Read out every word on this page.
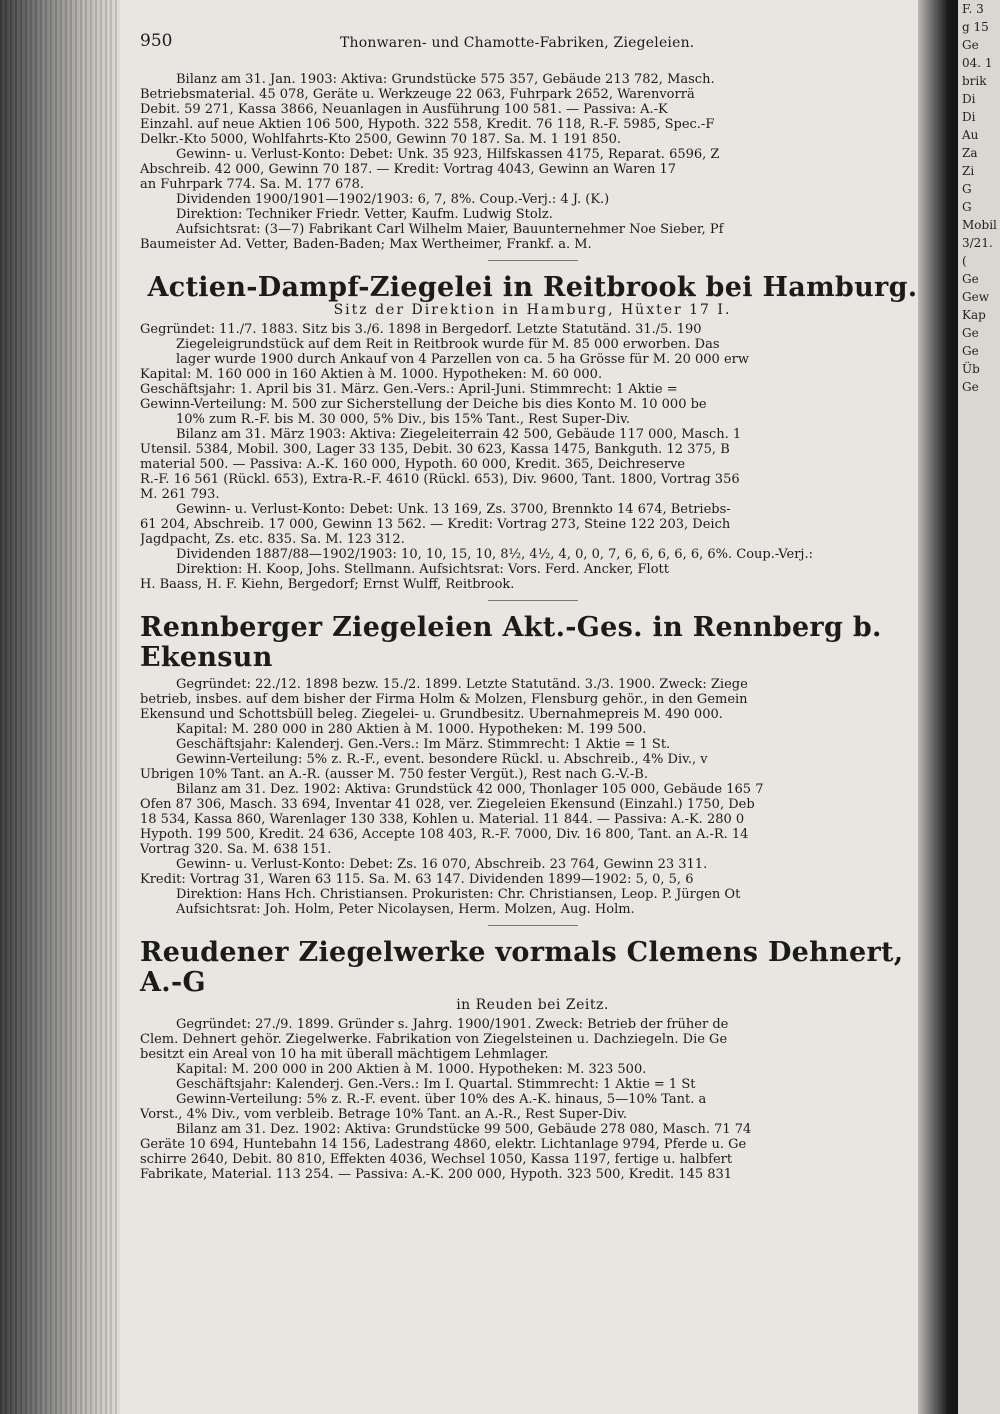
F. 3
g 15
Ge
04. 1
brik
Di
Di
Au
Za
Zi
G
G
Mobil
3/21.
(
Ge
Gew
Kap
Ge
Ge
Üb
Ge
950	Thonwaren- und Chamotte-Fabriken, Ziegeleien.
Bilanz am 31. Jan. 1903: Aktiva: Grundstücke 575 357, Gebäude 213 782, Masch.
Betriebsmaterial. 45 078, Geräte u. Werkzeuge 22 063, Fuhrpark 2652, Warenvorrä
Debit. 59 271, Kassa 3866, Neuanlagen in Ausführung 100 581. — Passiva: A.-K
Einzahl. auf neue Aktien 106 500, Hypoth. 322 558, Kredit. 76 118, R.-F. 5985, Spec.-F
Delkr.-Kto 5000, Wohlfahrts-Kto 2500, Gewinn 70 187. Sa. M. 1 191 850.
Gewinn- u. Verlust-Konto: Debet: Unk. 35 923, Hilfskassen 4175, Reparat. 6596, Z
Abschreib. 42 000, Gewinn 70 187. — Kredit: Vortrag 4043, Gewinn an Waren 17
an Fuhrpark 774. Sa. M. 177 678.
Dividenden 1900/1901—1902/1903: 6, 7, 8%. Coup.-Verj.: 4 J. (K.)
Direktion: Techniker Friedr. Vetter, Kaufm. Ludwig Stolz.
Aufsichtsrat: (3—7) Fabrikant Carl Wilhelm Maier, Bauunternehmer Noe Sieber, Pf
Baumeister Ad. Vetter, Baden-Baden; Max Wertheimer, Frankf. a. M.
Actien-Dampf-Ziegelei in Reitbrook bei Hamburg.

Sitz der Direktion in Hamburg, Hüxter 17 I.

Gegründet: 11./7. 1883. Sitz bis 3./6. 1898 in Bergedorf. Letzte Statutänd. 31./5. 190
Ziegeleigrundstück auf dem Reit in Reitbrook wurde für M. 85 000 erworben. Das
lager wurde 1900 durch Ankauf von 4 Parzellen von ca. 5 ha Grösse für M. 20 000 erw
Kapital: M. 160 000 in 160 Aktien à M. 1000. Hypotheken: M. 60 000.
Geschäftsjahr: 1. April bis 31. März. Gen.-Vers.: April-Juni. Stimmrecht: 1 Aktie =
Gewinn-Verteilung: M. 500 zur Sicherstellung der Deiche bis dies Konto M. 10 000 be
10% zum R.-F. bis M. 30 000, 5% Div., bis 15% Tant., Rest Super-Div.
Bilanz am 31. März 1903: Aktiva: Ziegeleiterrain 42 500, Gebäude 117 000, Masch. 1
Utensil. 5384, Mobil. 300, Lager 33 135, Debit. 30 623, Kassa 1475, Bankguth. 12 375, B
material 500. — Passiva: A.-K. 160 000, Hypoth. 60 000, Kredit. 365, Deichreserve
R.-F. 16 561 (Rückl. 653), Extra-R.-F. 4610 (Rückl. 653), Div. 9600, Tant. 1800, Vortrag 356
M. 261 793.
Gewinn- u. Verlust-Konto: Debet: Unk. 13 169, Zs. 3700, Brennkto 14 674, Betriebs-
61 204, Abschreib. 17 000, Gewinn 13 562. — Kredit: Vortrag 273, Steine 122 203, Deich
Jagdpacht, Zs. etc. 835. Sa. M. 123 312.
Dividenden 1887/88—1902/1903: 10, 10, 15, 10, 8½, 4½, 4, 0, 0, 7, 6, 6, 6, 6, 6, 6%. Coup.-Verj.:
Direktion: H. Koop, Johs. Stellmann. Aufsichtsrat: Vors. Ferd. Ancker, Flott
H. Baass, H. F. Kiehn, Bergedorf; Ernst Wulff, Reitbrook.
Rennberger Ziegeleien Akt.-Ges. in Rennberg b. Ekensun
Gegründet: 22./12. 1898 bezw. 15./2. 1899. Letzte Statutänd. 3./3. 1900. Zweck: Ziege
betrieb, insbes. auf dem bisher der Firma Holm & Molzen, Flensburg gehör., in den Gemein
Ekensund und Schottsbüll beleg. Ziegelei- u. Grundbesitz. Übernahmepreis M. 490 000.
Kapital: M. 280 000 in 280 Aktien à M. 1000. Hypotheken: M. 199 500.
Geschäftsjahr: Kalenderj. Gen.-Vers.: Im März. Stimmrecht: 1 Aktie = 1 St.
Gewinn-Verteilung: 5% z. R.-F., event. besondere Rückl. u. Abschreib., 4% Div., v
Übrigen 10% Tant. an A.-R. (ausser M. 750 fester Vergüt.), Rest nach G.-V.-B.
Bilanz am 31. Dez. 1902: Aktiva: Grundstück 42 000, Thonlager 105 000, Gebäude 165 7
Öfen 87 306, Masch. 33 694, Inventar 41 028, ver. Ziegeleien Ekensund (Einzahl.) 1750, Deb
18 534, Kassa 860, Warenlager 130 338, Kohlen u. Material. 11 844. — Passiva: A.-K. 280 0
Hypoth. 199 500, Kredit. 24 636, Accepte 108 403, R.-F. 7000, Div. 16 800, Tant. an A.-R. 14
Vortrag 320. Sa. M. 638 151.
Gewinn- u. Verlust-Konto: Debet: Zs. 16 070, Abschreib. 23 764, Gewinn 23 311.
Kredit: Vortrag 31, Waren 63 115. Sa. M. 63 147. Dividenden 1899—1902: 5, 0, 5, 6
Direktion: Hans Hch. Christiansen. Prokuristen: Chr. Christiansen, Leop. P. Jürgen Ot
Aufsichtsrat: Joh. Holm, Peter Nicolaysen, Herm. Molzen, Aug. Holm.
Reudener Ziegelwerke vormals Clemens Dehnert, A.-G

in Reuden bei Zeitz.

Gegründet: 27./9. 1899. Gründer s. Jahrg. 1900/1901. Zweck: Betrieb der früher de
Clem. Dehnert gehör. Ziegelwerke. Fabrikation von Ziegelsteinen u. Dachziegeln. Die Ge
besitzt ein Areal von 10 ha mit überall mächtigem Lehmlager.
Kapital: M. 200 000 in 200 Aktien à M. 1000. Hypotheken: M. 323 500.
Geschäftsjahr: Kalenderj. Gen.-Vers.: Im I. Quartal. Stimmrecht: 1 Aktie = 1 St
Gewinn-Verteilung: 5% z. R.-F. event. über 10% des A.-K. hinaus, 5—10% Tant. a
Vorst., 4% Div., vom verbleib. Betrage 10% Tant. an A.-R., Rest Super-Div.
Bilanz am 31. Dez. 1902: Aktiva: Grundstücke 99 500, Gebäude 278 080, Masch. 71 74
Geräte 10 694, Huntebahn 14 156, Ladestrang 4860, elektr. Lichtanlage 9794, Pferde u. Ge
schirre 2640, Debit. 80 810, Effekten 4036, Wechsel 1050, Kassa 1197, fertige u. halbfert
Fabrikate, Material. 113 254. — Passiva: A.-K. 200 000, Hypoth. 323 500, Kredit. 145 831
